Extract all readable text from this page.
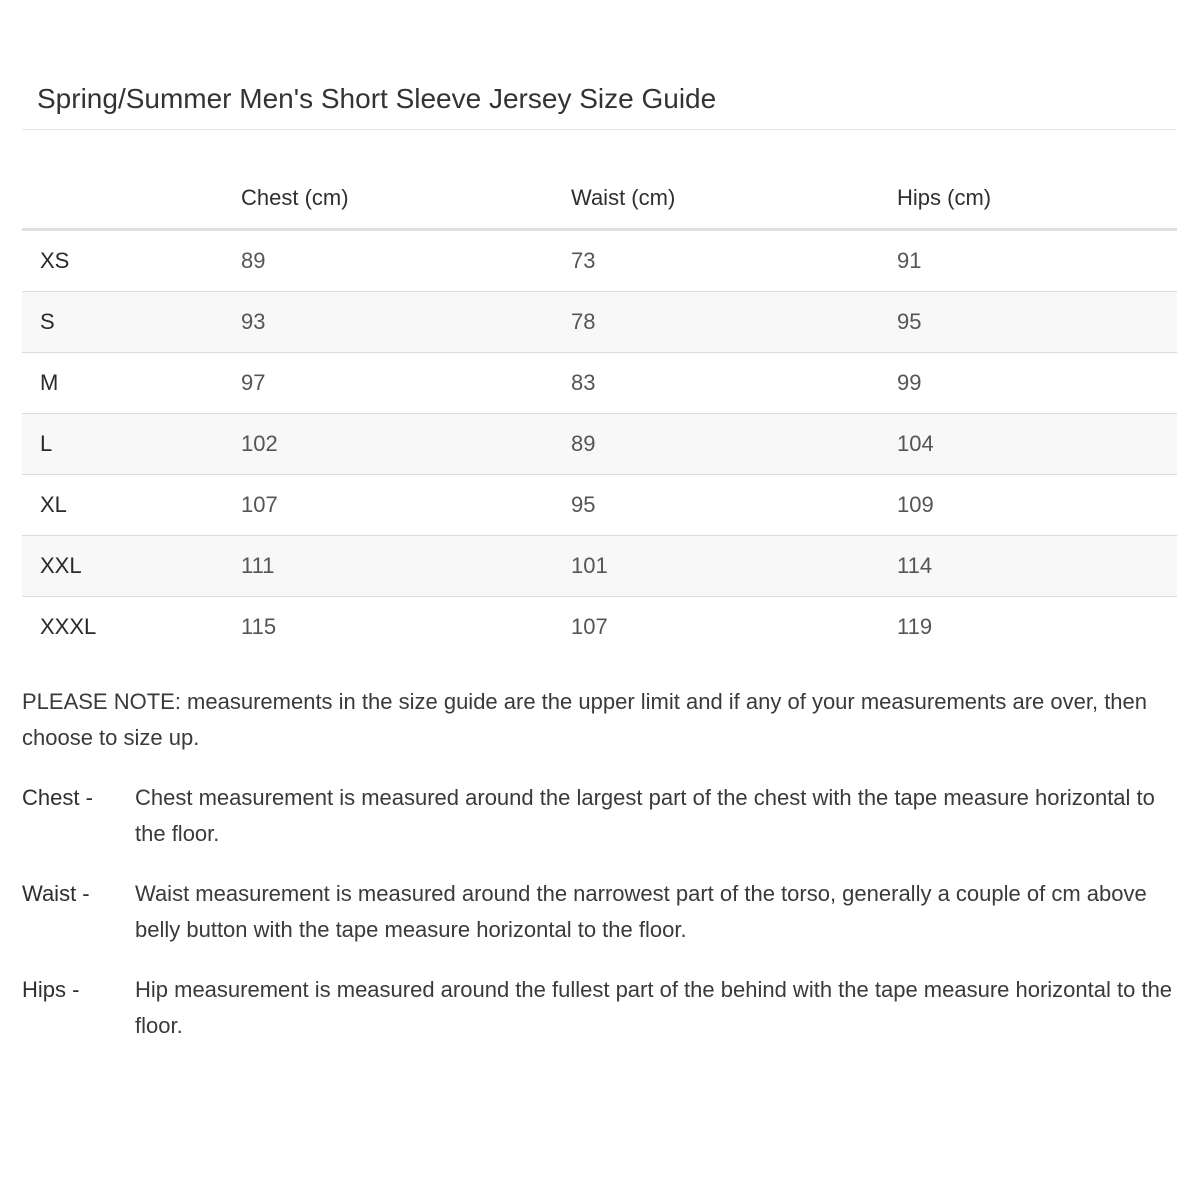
Spring/Summer Men's Short Sleeve Jersey Size Guide
	Chest (cm)	Waist (cm)	Hips (cm)
XS	89	73	91
S	93	78	95
M	97	83	99
L	102	89	104
XL	107	95	109
XXL	111	101	114
XXXL	115	107	119

PLEASE NOTE: measurements in the size guide are the upper limit and if any of your measurements are over, then choose to size up.

Chest -	Chest measurement is measured around the largest part of the chest with the tape measure horizontal to the floor.
Waist -	Waist measurement is measured around the narrowest part of the torso, generally a couple of cm above belly button with the tape measure horizontal to the floor.
Hips -	Hip measurement is measured around the fullest part of the behind with the tape measure horizontal to the floor.
